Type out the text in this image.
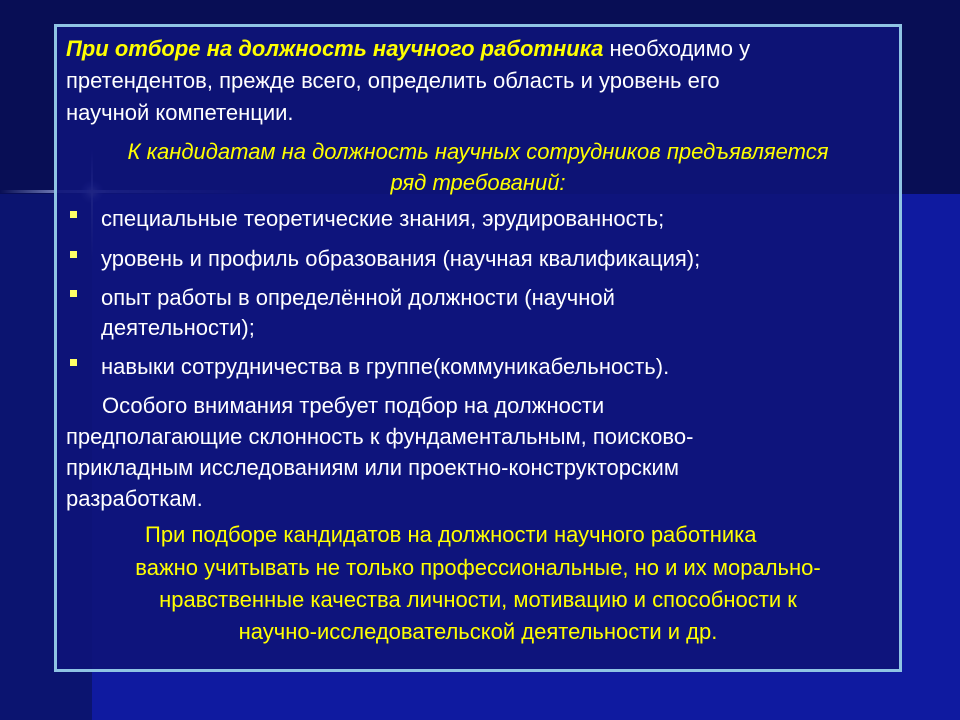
При отборе на должность научного работника необходимо у

претендентов, прежде всего, определить область и уровень его

научной компетенции.

К кандидатам на должность научных сотрудников предъявляется

ряд требований:

специальные теоретические знания, эрудированность;

уровень и профиль образования (научная квалификация);

опыт работы в определённой должности (научной

деятельности);

навыки сотрудничества в группе(коммуникабельность).

Особого внимания требует подбор на должности

предполагающие склонность к фундаментальным, поисково-

прикладным исследованиям или проектно-конструкторским

разработкам.

При подборе кандидатов на должности научного работника

важно учитывать не только профессиональные, но и их морально-

нравственные качества личности, мотивацию и способности к

научно-исследовательской деятельности и др.
